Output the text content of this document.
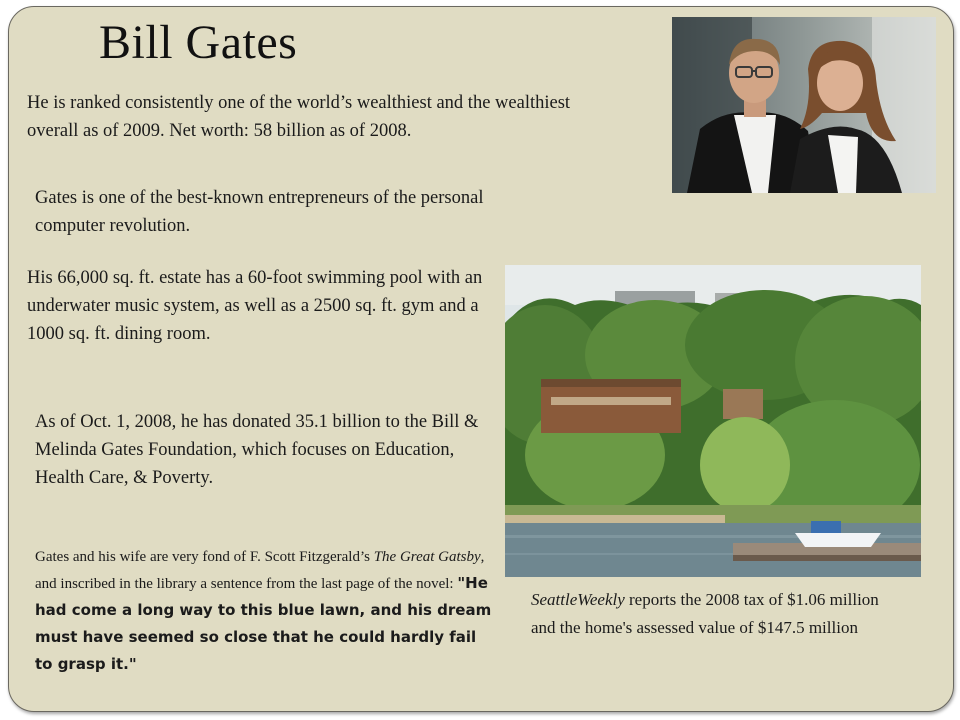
Bill Gates

He is ranked consistently one of the world’s wealthiest and the wealthiest overall as of 2009. Net worth: 58 billion as of 2008.

Gates is one of the best-known entrepreneurs of the personal computer revolution.

His 66,000 sq. ft. estate has a 60-foot swimming pool with an underwater music system, as well as a 2500 sq. ft. gym and a 1000 sq. ft. dining room.

As of Oct. 1, 2008, he has donated 35.1 billion to the Bill & Melinda Gates Foundation, which focuses on Education, Health Care, & Poverty.

Gates and his wife are very fond of F. Scott Fitzgerald’s The Great Gatsby, and inscribed in the library a sentence from the last page of the novel: "He had come a long way to this blue lawn, and his dream must have seemed so close that he could hardly fail to grasp it."

SeattleWeekly reports the 2008 tax of $1.06 million
and the home's assessed value of $147.5 million
